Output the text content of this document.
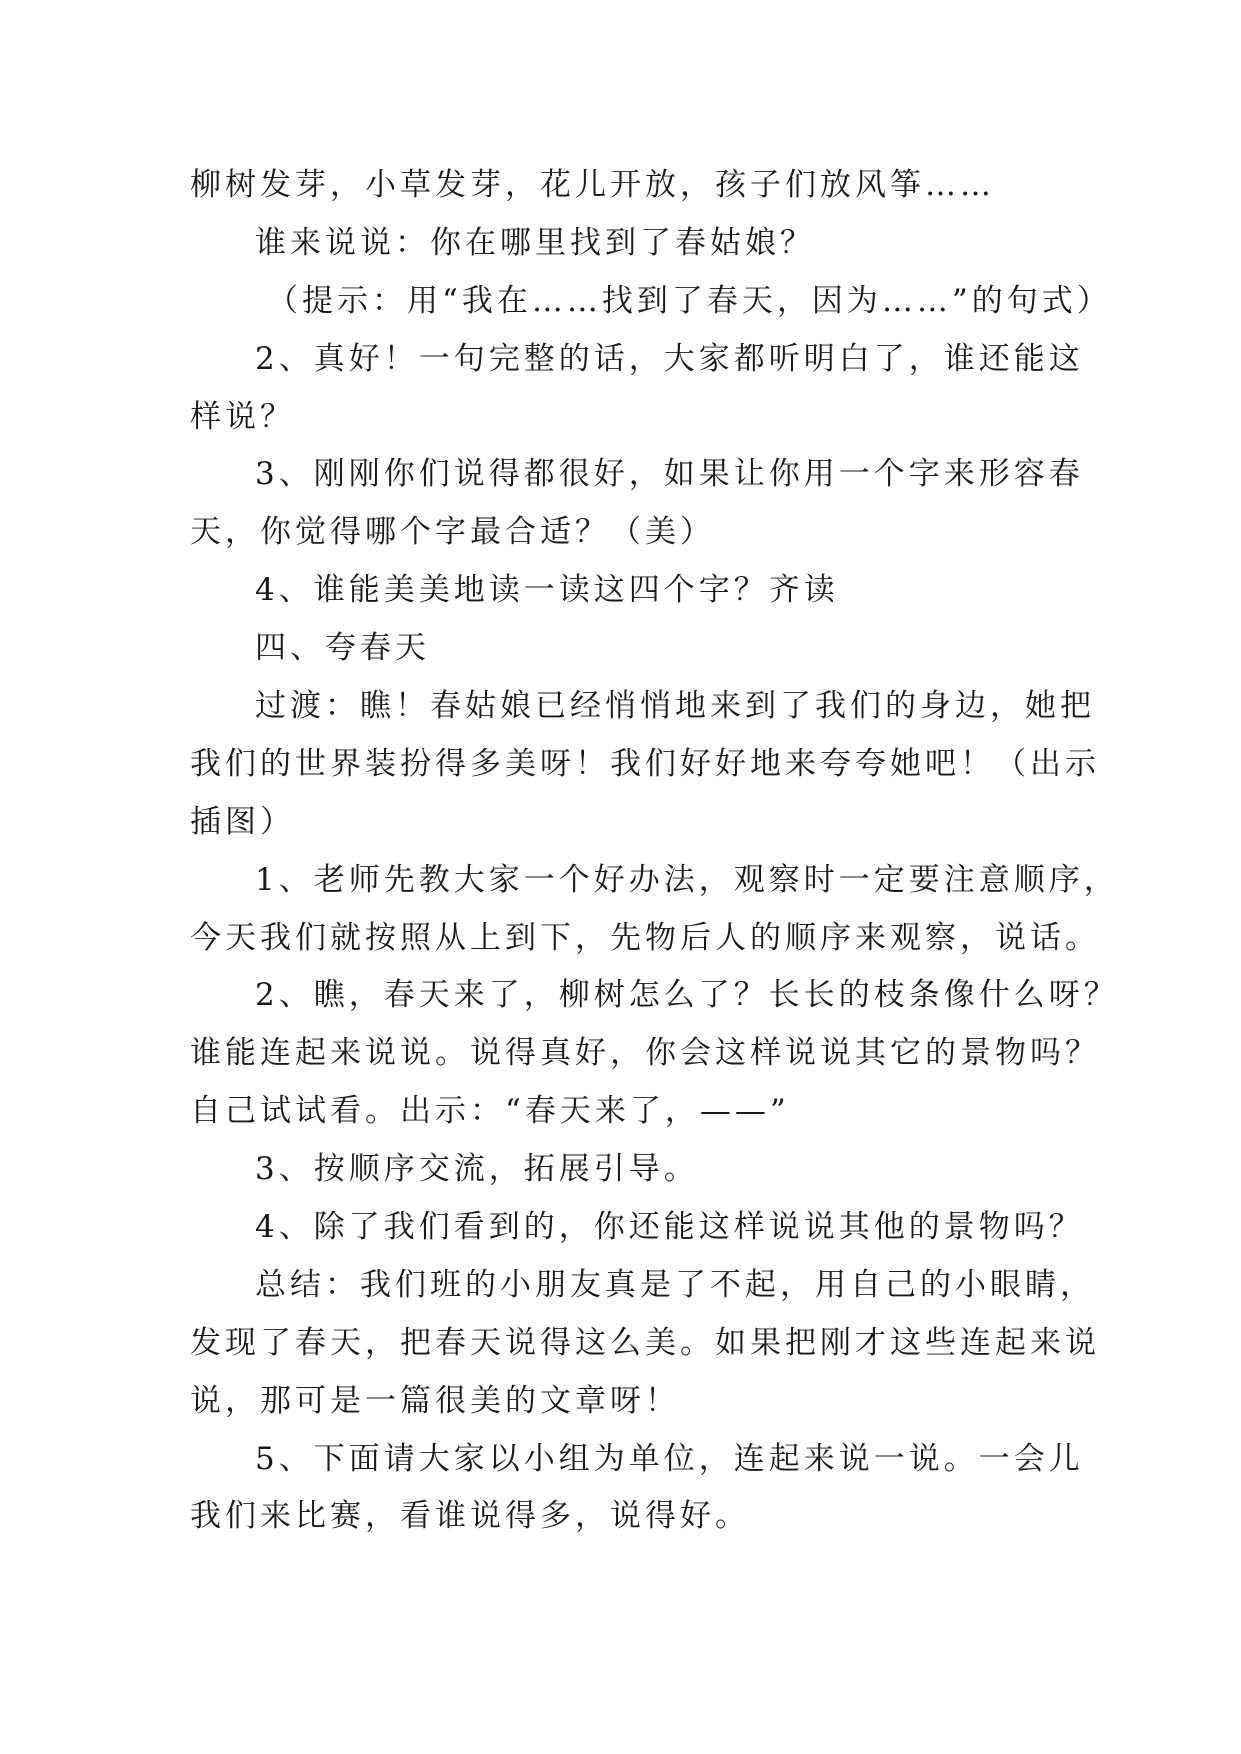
柳树发芽，小草发芽，花儿开放，孩子们放风筝……

谁来说说：你在哪里找到了春姑娘？

（提示：用“我在……找到了春天，因为……”的句式）

2、真好！一句完整的话，大家都听明白了，谁还能这

样说？

3、刚刚你们说得都很好，如果让你用一个字来形容春

天，你觉得哪个字最合适？（美）

4、谁能美美地读一读这四个字？齐读

四、夸春天

过渡：瞧！春姑娘已经悄悄地来到了我们的身边，她把

我们的世界装扮得多美呀！我们好好地来夸夸她吧！（出示

插图）

1、老师先教大家一个好办法，观察时一定要注意顺序，

今天我们就按照从上到下，先物后人的顺序来观察，说话。

2、瞧，春天来了，柳树怎么了？长长的枝条像什么呀？

谁能连起来说说。说得真好，你会这样说说其它的景物吗？

自己试试看。出示：“春天来了，——”

3、按顺序交流，拓展引导。

4、除了我们看到的，你还能这样说说其他的景物吗？

总结：我们班的小朋友真是了不起，用自己的小眼睛，

发现了春天，把春天说得这么美。如果把刚才这些连起来说

说，那可是一篇很美的文章呀！

5、下面请大家以小组为单位，连起来说一说。一会儿

我们来比赛，看谁说得多，说得好。
